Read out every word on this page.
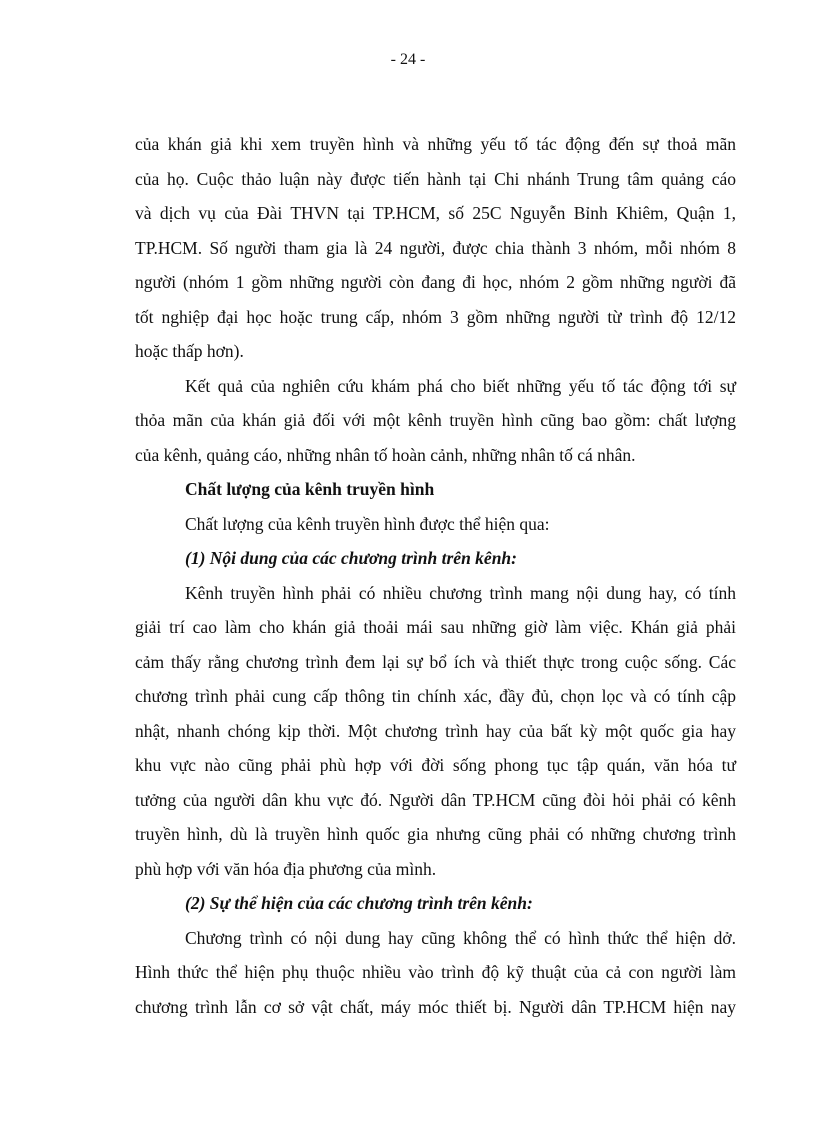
- 24 -
của khán giả khi xem truyền hình và những yếu tố tác động đến sự thoả mãn
của họ. Cuộc thảo luận này được tiến hành tại Chi nhánh Trung tâm quảng cáo
và dịch vụ của Đài THVN tại TP.HCM, số 25C Nguyễn Bỉnh Khiêm, Quận 1,
TP.HCM. Số người tham gia là 24 người, được chia thành 3 nhóm, mỗi nhóm 8
người (nhóm 1 gồm những người còn đang đi học, nhóm 2 gồm những người đã
tốt nghiệp đại học hoặc trung cấp, nhóm 3 gồm những người từ trình độ 12/12
hoặc thấp hơn).
Kết quả của nghiên cứu khám phá cho biết những yếu tố tác động tới sự
thỏa mãn của khán giả đối với một kênh truyền hình cũng bao gồm: chất lượng
của kênh, quảng cáo, những nhân tố hoàn cảnh, những nhân tố cá nhân.
Chất lượng của kênh truyền hình
Chất lượng của kênh truyền hình được thể hiện qua:
(1) Nội dung của các chương trình trên kênh:
Kênh truyền hình phải có nhiều chương trình mang nội dung hay, có tính
giải trí cao làm cho khán giả thoải mái sau những giờ làm việc. Khán giả phải
cảm thấy rằng chương trình đem lại sự bổ ích và thiết thực trong cuộc sống. Các
chương trình phải cung cấp thông tin chính xác, đầy đủ, chọn lọc và có tính cập
nhật, nhanh chóng kịp thời. Một chương trình hay của bất kỳ một quốc gia hay
khu vực nào cũng phải phù hợp với đời sống phong tục tập quán, văn hóa tư
tưởng của người dân khu vực đó. Người dân TP.HCM cũng đòi hỏi phải có kênh
truyền hình, dù là truyền hình quốc gia nhưng cũng phải có những chương trình
phù hợp với văn hóa địa phương của mình.
(2) Sự thể hiện của các chương trình trên kênh:
Chương trình có nội dung hay cũng không thể có hình thức thể hiện dở.
Hình thức thể hiện phụ thuộc nhiều vào trình độ kỹ thuật của cả con người làm
chương trình lẫn cơ sở vật chất, máy móc thiết bị. Người dân TP.HCM hiện nay
